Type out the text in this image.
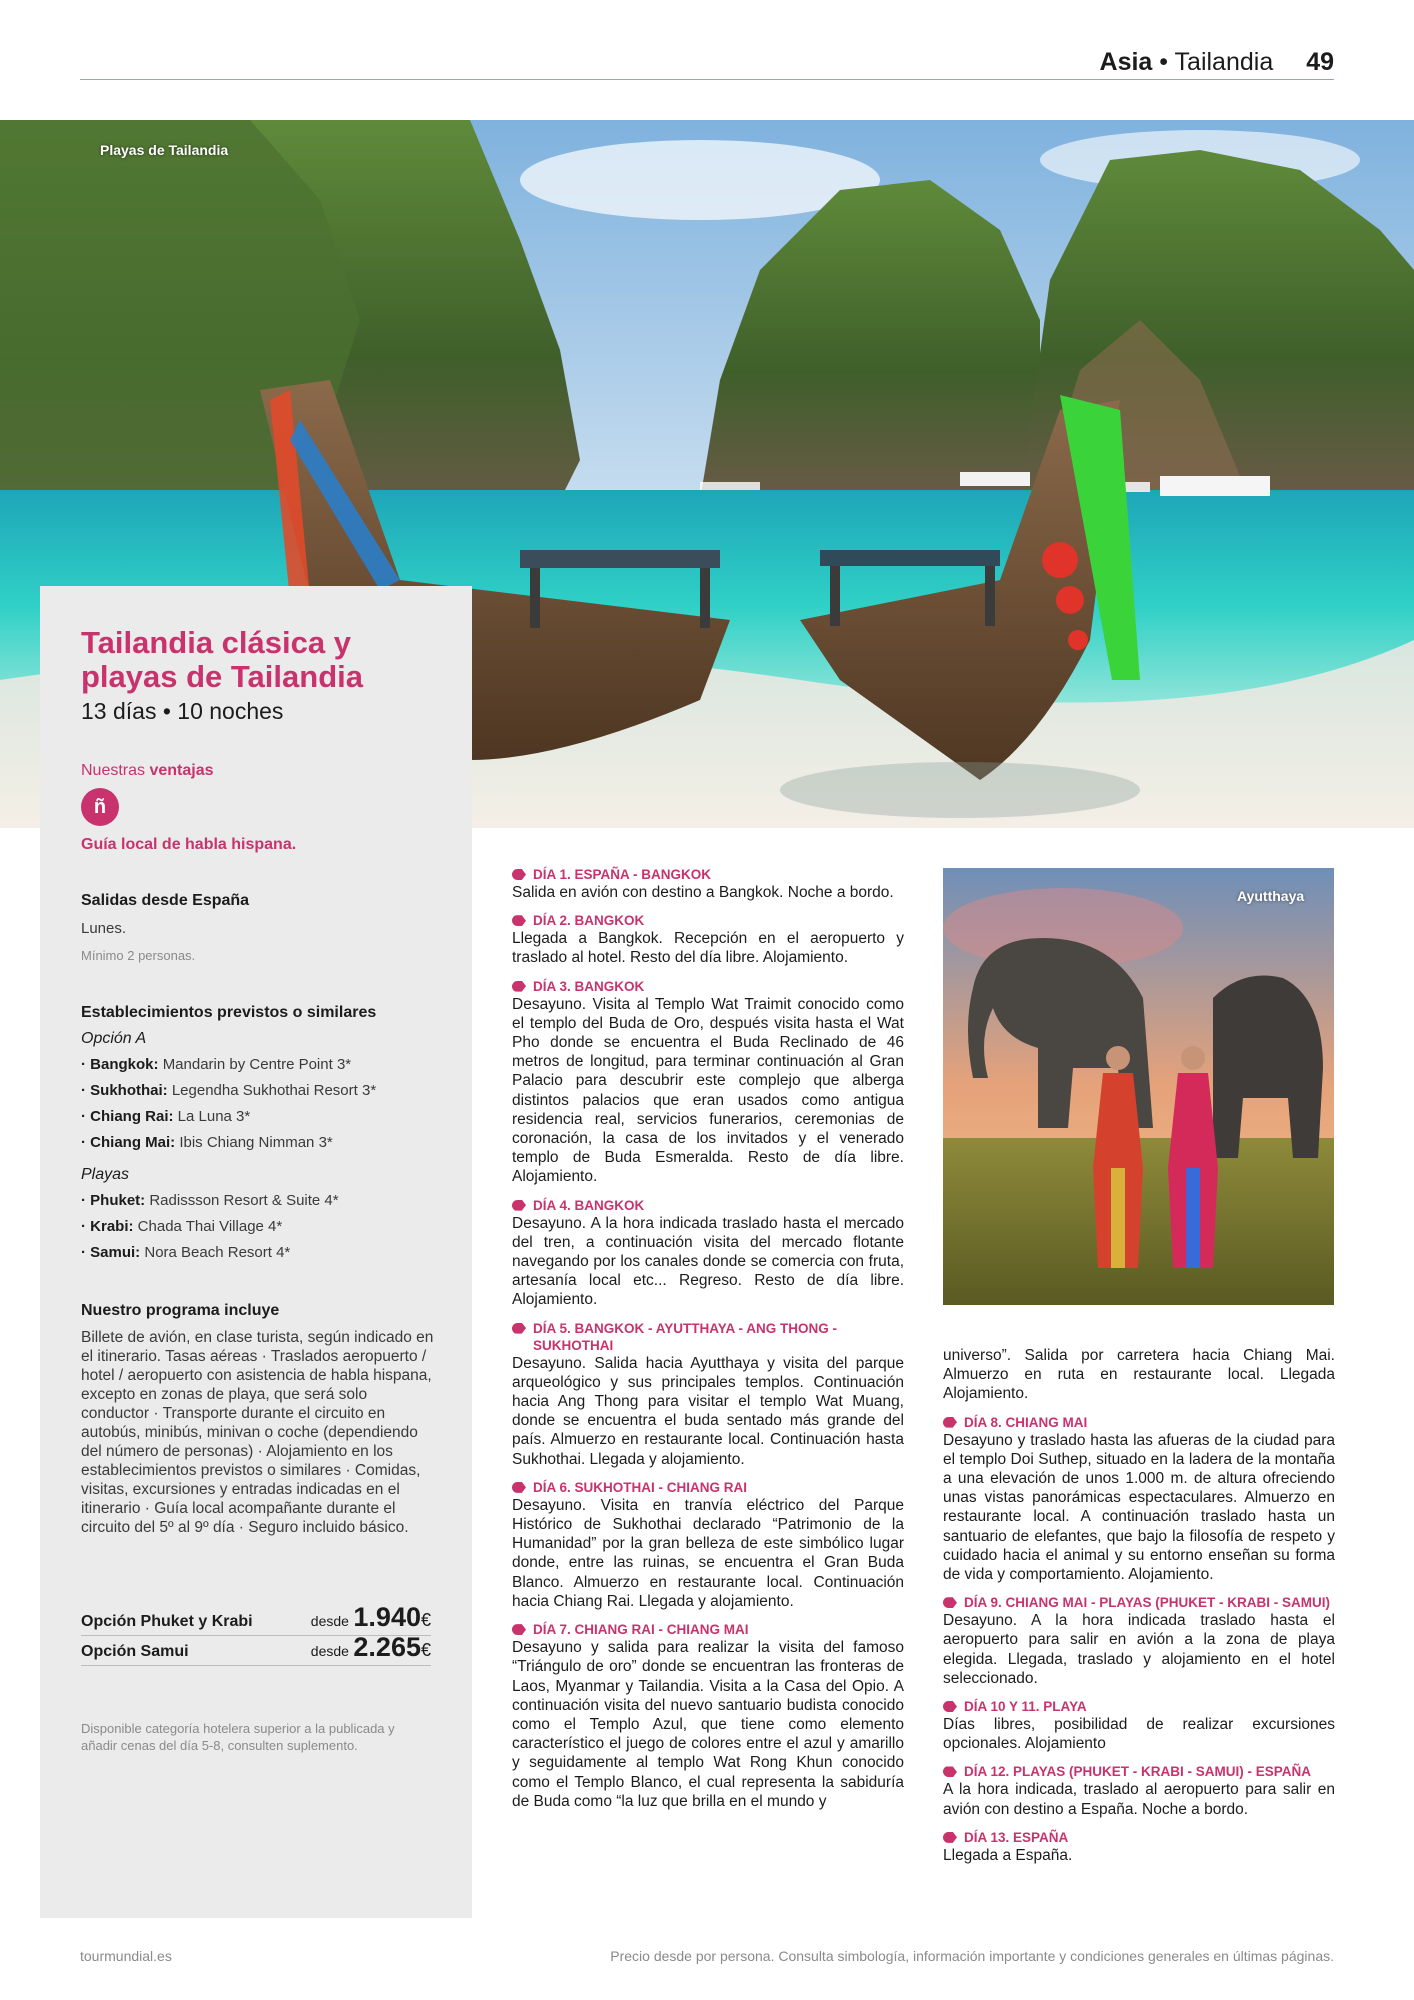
Asia • Tailandia 49
Playas de Tailandia
Tailandia clásica y playas de Tailandia
13 días • 10 noches
Nuestras ventajas
ñ
Guía local de habla hispana.
Salidas desde España
Lunes.
Mínimo 2 personas.
Establecimientos previstos o similares
Opción A
· Bangkok: Mandarin by Centre Point 3*
· Sukhothai: Legendha Sukhothai Resort 3*
· Chiang Rai: La Luna 3*
· Chiang Mai: Ibis Chiang Nimman 3*
Playas
· Phuket: Radissson Resort & Suite 4*
· Krabi: Chada Thai Village 4*
· Samui: Nora Beach Resort 4*
Nuestro programa incluye
Billete de avión, en clase turista, según indicado en el itinerario. Tasas aéreas · Traslados aeropuerto / hotel / aeropuerto con asistencia de habla hispana, excepto en zonas de playa, que será solo conductor · Transporte durante el circuito en autobús, minibús, minivan o coche (dependiendo del número de personas) · Alojamiento en los establecimientos previstos o similares · Comidas, visitas, excursiones y entradas indicadas en el itinerario · Guía local acompañante durante el circuito del 5º al 9º día · Seguro incluido básico.
Opción Phuket y Krabi	desde 1.940€
Opción Samui	desde 2.265€
Disponible categoría hotelera superior a la publicada y añadir cenas del día 5-8, consulten suplemento.
DÍA 1. ESPAÑA - BANGKOK
Salida en avión con destino a Bangkok. Noche a bordo.
DÍA 2. BANGKOK
Llegada a Bangkok. Recepción en el aeropuerto y traslado al hotel. Resto del día libre. Alojamiento.
DÍA 3. BANGKOK
Desayuno. Visita al Templo Wat Traimit conocido como el templo del Buda de Oro, después visita hasta el Wat Pho donde se encuentra el Buda Reclinado de 46 metros de longitud, para terminar continuación al Gran Palacio para descubrir este complejo que alberga distintos palacios que eran usados como antigua residencia real, servicios funerarios, ceremonias de coronación, la casa de los invitados y el venerado templo de Buda Esmeralda. Resto de día libre. Alojamiento.
DÍA 4. BANGKOK
Desayuno. A la hora indicada traslado hasta el mercado del tren, a continuación visita del mercado flotante navegando por los canales donde se comercia con fruta, artesanía local etc... Regreso. Resto de día libre. Alojamiento.
DÍA 5. BANGKOK - AYUTTHAYA - ANG THONG - SUKHOTHAI
Desayuno. Salida hacia Ayutthaya y visita del parque arqueológico y sus principales templos. Continuación hacia Ang Thong para visitar el templo Wat Muang, donde se encuentra el buda sentado más grande del país. Almuerzo en restaurante local. Continuación hasta Sukhothai. Llegada y alojamiento.
DÍA 6. SUKHOTHAI - CHIANG RAI
Desayuno. Visita en tranvía eléctrico del Parque Histórico de Sukhothai declarado “Patrimonio de la Humanidad” por la gran belleza de este simbólico lugar donde, entre las ruinas, se encuentra el Gran Buda Blanco. Almuerzo en restaurante local. Continuación hacia Chiang Rai. Llegada y alojamiento.
DÍA 7. CHIANG RAI - CHIANG MAI
Desayuno y salida para realizar la visita del famoso “Triángulo de oro” donde se encuentran las fronteras de Laos, Myanmar y Tailandia. Visita a la Casa del Opio. A continuación visita del nuevo santuario budista conocido como el Templo Azul, que tiene como elemento característico el juego de colores entre el azul y amarillo y seguidamente al templo Wat Rong Khun conocido como el Templo Blanco, el cual representa la sabiduría de Buda como “la luz que brilla en el mundo y
Ayutthaya
universo”. Salida por carretera hacia Chiang Mai. Almuerzo en ruta en restaurante local. Llegada Alojamiento.
DÍA 8. CHIANG MAI
Desayuno y traslado hasta las afueras de la ciudad para el templo Doi Suthep, situado en la ladera de la montaña a una elevación de unos 1.000 m. de altura ofreciendo unas vistas panorámicas espectaculares. Almuerzo en restaurante local. A continuación traslado hasta un santuario de elefantes, que bajo la filosofía de respeto y cuidado hacia el animal y su entorno enseñan su forma de vida y comportamiento. Alojamiento.
DÍA 9. CHIANG MAI - PLAYAS (PHUKET - KRABI - SAMUI)
Desayuno. A la hora indicada traslado hasta el aeropuerto para salir en avión a la zona de playa elegida. Llegada, traslado y alojamiento en el hotel seleccionado.
DÍA 10 Y 11. PLAYA
Días libres, posibilidad de realizar excursiones opcionales. Alojamiento
DÍA 12. PLAYAS (PHUKET - KRABI - SAMUI) - ESPAÑA
A la hora indicada, traslado al aeropuerto para salir en avión con destino a España. Noche a bordo.
DÍA 13. ESPAÑA
Llegada a España.
tourmundial.es	Precio desde por persona. Consulta simbología, información importante y condiciones generales en últimas páginas.
